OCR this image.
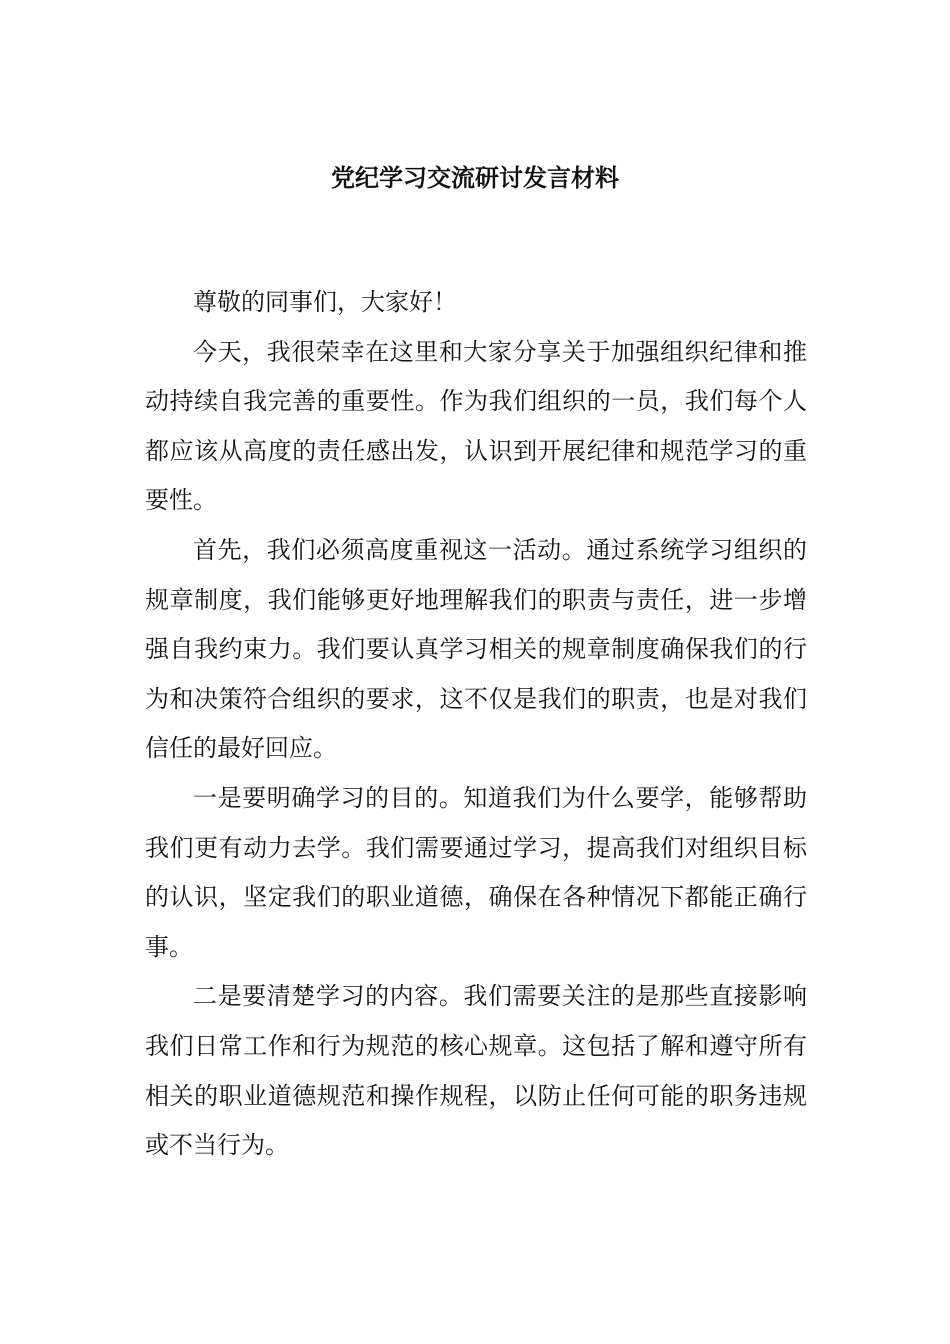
党纪学习交流研讨发言材料

尊敬的同事们，大家好！

今天，我很荣幸在这里和大家分享关于加强组织纪律和推动持续自我完善的重要性。作为我们组织的一员，我们每个人都应该从高度的责任感出发，认识到开展纪律和规范学习的重要性。

首先，我们必须高度重视这一活动。通过系统学习组织的规章制度，我们能够更好地理解我们的职责与责任，进一步增强自我约束力。我们要认真学习相关的规章制度确保我们的行为和决策符合组织的要求，这不仅是我们的职责，也是对我们信任的最好回应。

一是要明确学习的目的。知道我们为什么要学，能够帮助我们更有动力去学。我们需要通过学习，提高我们对组织目标的认识，坚定我们的职业道德，确保在各种情况下都能正确行事。

二是要清楚学习的内容。我们需要关注的是那些直接影响我们日常工作和行为规范的核心规章。这包括了解和遵守所有相关的职业道德规范和操作规程，以防止任何可能的职务违规或不当行为。
